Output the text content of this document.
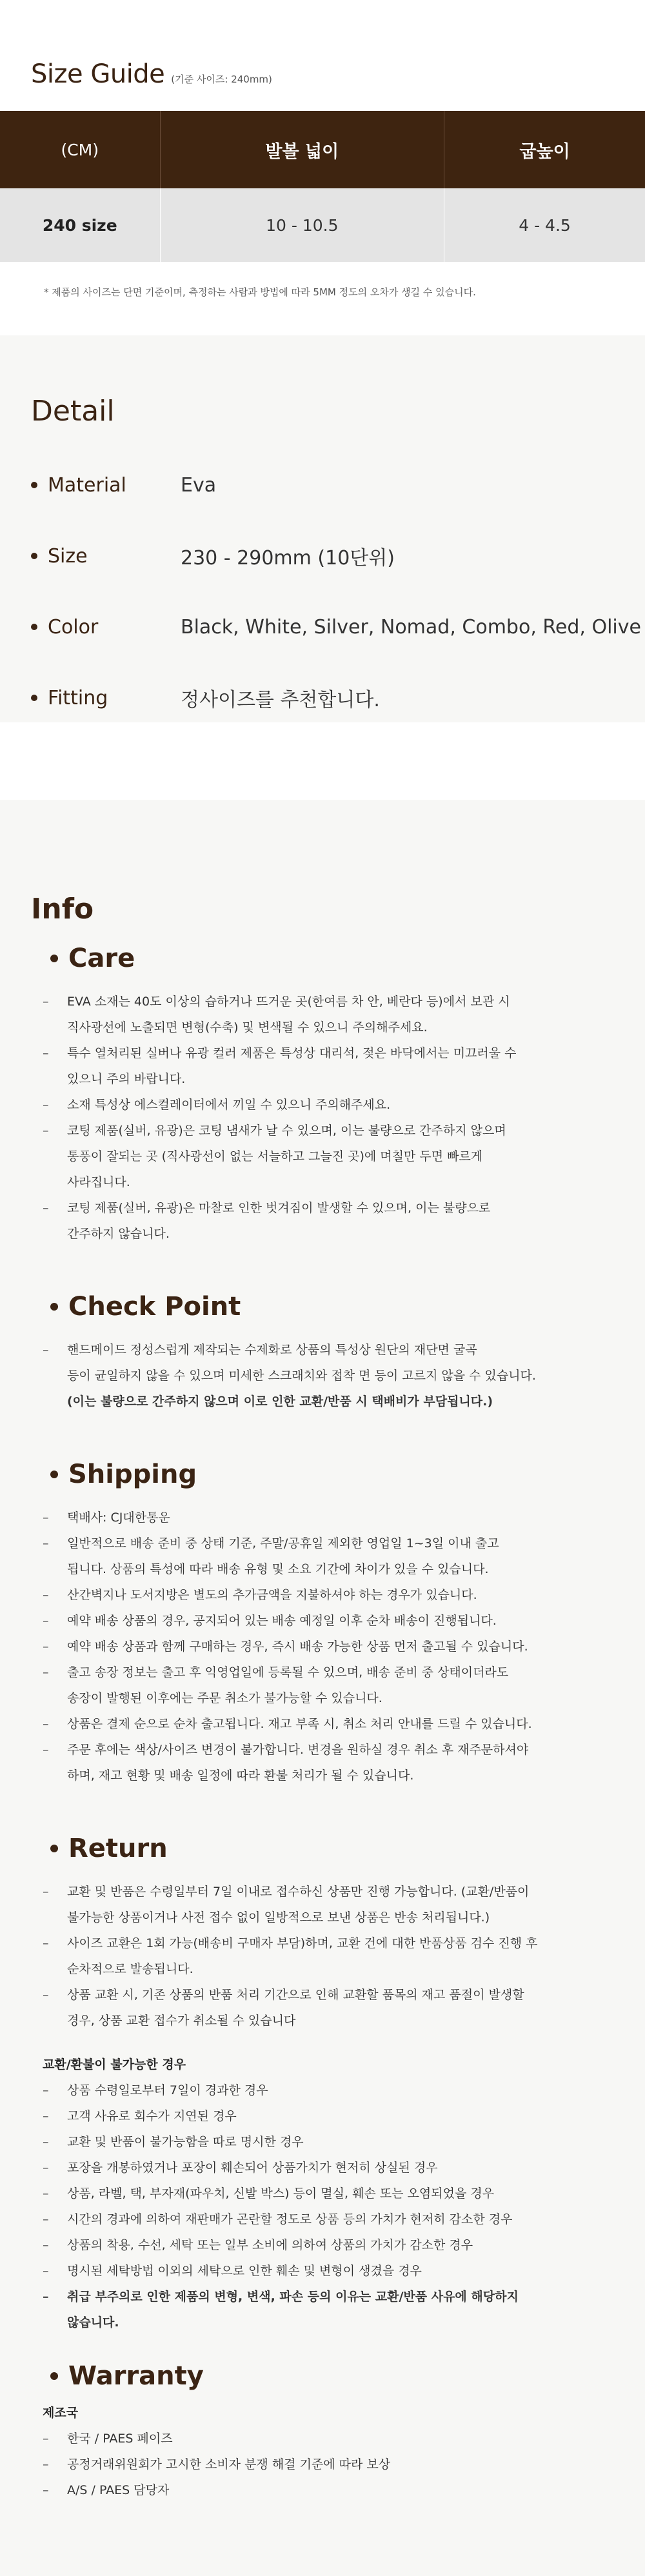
Size Guide (기준 사이즈: 240mm)
(CM)	발볼 넓이	굽높이
240 size	10 - 10.5	4 - 4.5

* 제품의 사이즈는 단면 기준이며, 측정하는 사람과 방법에 따라 5MM 정도의 오차가 생길 수 있습니다.

Detail
Material	Eva
Size	230 - 290mm (10단위)
Color	Black, White, Silver, Nomad, Combo, Red, Olive
Fitting	정사이즈를 추천합니다.
Info
Care
– EVA 소재는 40도 이상의 습하거나 뜨거운 곳(한여름 차 안, 베란다 등)에서 보관 시
직사광선에 노출되면 변형(수축) 및 변색될 수 있으니 주의해주세요.
– 특수 열처리된 실버나 유광 컬러 제품은 특성상 대리석, 젖은 바닥에서는 미끄러울 수
있으니 주의 바랍니다.
– 소재 특성상 에스컬레이터에서 끼일 수 있으니 주의해주세요.
– 코팅 제품(실버, 유광)은 코팅 냄새가 날 수 있으며, 이는 불량으로 간주하지 않으며
통풍이 잘되는 곳 (직사광선이 없는 서늘하고 그늘진 곳)에 며칠만 두면 빠르게
사라집니다.
– 코팅 제품(실버, 유광)은 마찰로 인한 벗겨짐이 발생할 수 있으며, 이는 불량으로
간주하지 않습니다.
Check Point
– 핸드메이드 정성스럽게 제작되는 수제화로 상품의 특성상 원단의 재단면 굴곡
등이 균일하지 않을 수 있으며 미세한 스크래치와 접착 면 등이 고르지 않을 수 있습니다.
(이는 불량으로 간주하지 않으며 이로 인한 교환/반품 시 택배비가 부담됩니다.)
Shipping
– 택배사: CJ대한통운
– 일반적으로 배송 준비 중 상태 기준, 주말/공휴일 제외한 영업일 1~3일 이내 출고
됩니다. 상품의 특성에 따라 배송 유형 및 소요 기간에 차이가 있을 수 있습니다.
– 산간벽지나 도서지방은 별도의 추가금액을 지불하셔야 하는 경우가 있습니다.
– 예약 배송 상품의 경우, 공지되어 있는 배송 예정일 이후 순차 배송이 진행됩니다.
– 예약 배송 상품과 함께 구매하는 경우, 즉시 배송 가능한 상품 먼저 출고될 수 있습니다.
– 출고 송장 정보는 출고 후 익영업일에 등록될 수 있으며, 배송 준비 중 상태이더라도
송장이 발행된 이후에는 주문 취소가 불가능할 수 있습니다.
– 상품은 결제 순으로 순차 출고됩니다. 재고 부족 시, 취소 처리 안내를 드릴 수 있습니다.
– 주문 후에는 색상/사이즈 변경이 불가합니다. 변경을 원하실 경우 취소 후 재주문하셔야
하며, 재고 현황 및 배송 일정에 따라 환불 처리가 될 수 있습니다.
Return
– 교환 및 반품은 수령일부터 7일 이내로 접수하신 상품만 진행 가능합니다. (교환/반품이
불가능한 상품이거나 사전 접수 없이 일방적으로 보낸 상품은 반송 처리됩니다.)
– 사이즈 교환은 1회 가능(배송비 구매자 부담)하며, 교환 건에 대한 반품상품 검수 진행 후
순차적으로 발송됩니다.
– 상품 교환 시, 기존 상품의 반품 처리 기간으로 인해 교환할 품목의 재고 품절이 발생할
경우, 상품 교환 접수가 취소될 수 있습니다
교환/환불이 불가능한 경우
– 상품 수령일로부터 7일이 경과한 경우
– 고객 사유로 회수가 지연된 경우
– 교환 및 반품이 불가능함을 따로 명시한 경우
– 포장을 개봉하였거나 포장이 훼손되어 상품가치가 현저히 상실된 경우
– 상품, 라벨, 택, 부자재(파우치, 신발 박스) 등이 멸실, 훼손 또는 오염되었을 경우
– 시간의 경과에 의하여 재판매가 곤란할 정도로 상품 등의 가치가 현저히 감소한 경우
– 상품의 착용, 수선, 세탁 또는 일부 소비에 의하여 상품의 가치가 감소한 경우
– 명시된 세탁방법 이외의 세탁으로 인한 훼손 및 변형이 생겼을 경우
– 취급 부주의로 인한 제품의 변형, 변색, 파손 등의 이유는 교환/반품 사유에 해당하지
않습니다.
Warranty
제조국
– 한국 / PAES 페이즈
– 공정거래위원회가 고시한 소비자 분쟁 해결 기준에 따라 보상
– A/S / PAES 담당자
